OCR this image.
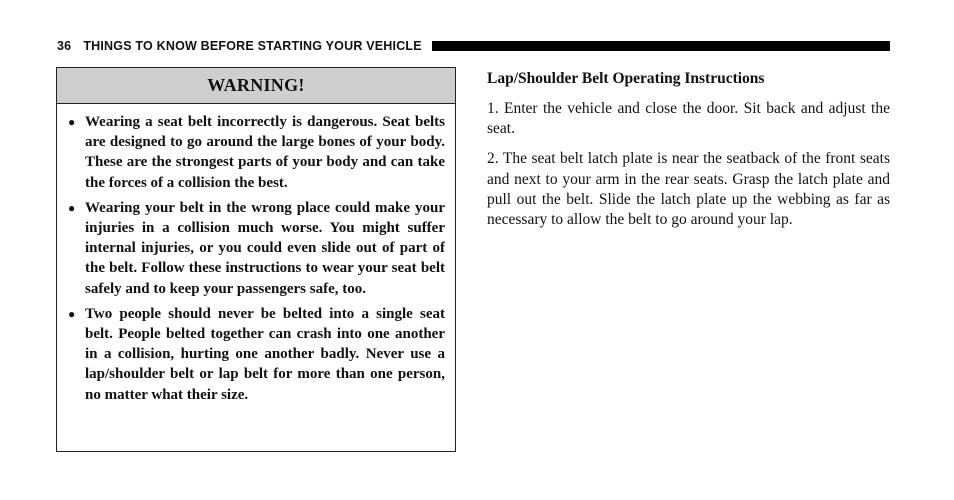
36 THINGS TO KNOW BEFORE STARTING YOUR VEHICLE
WARNING!
● Wearing a seat belt incorrectly is dangerous. Seat belts are designed to go around the large bones of your body. These are the strongest parts of your body and can take the forces of a collision the best.
● Wearing your belt in the wrong place could make your injuries in a collision much worse. You might suffer internal injuries, or you could even slide out of part of the belt. Follow these instructions to wear your seat belt safely and to keep your passengers safe, too.
● Two people should never be belted into a single seat belt. People belted together can crash into one another in a collision, hurting one another badly. Never use a lap/shoulder belt or lap belt for more than one person, no matter what their size.
Lap/Shoulder Belt Operating Instructions

1. Enter the vehicle and close the door. Sit back and adjust the seat.

2. The seat belt latch plate is near the seatback of the front seats and next to your arm in the rear seats. Grasp the latch plate and pull out the belt. Slide the latch plate up the webbing as far as necessary to allow the belt to go around your lap.
